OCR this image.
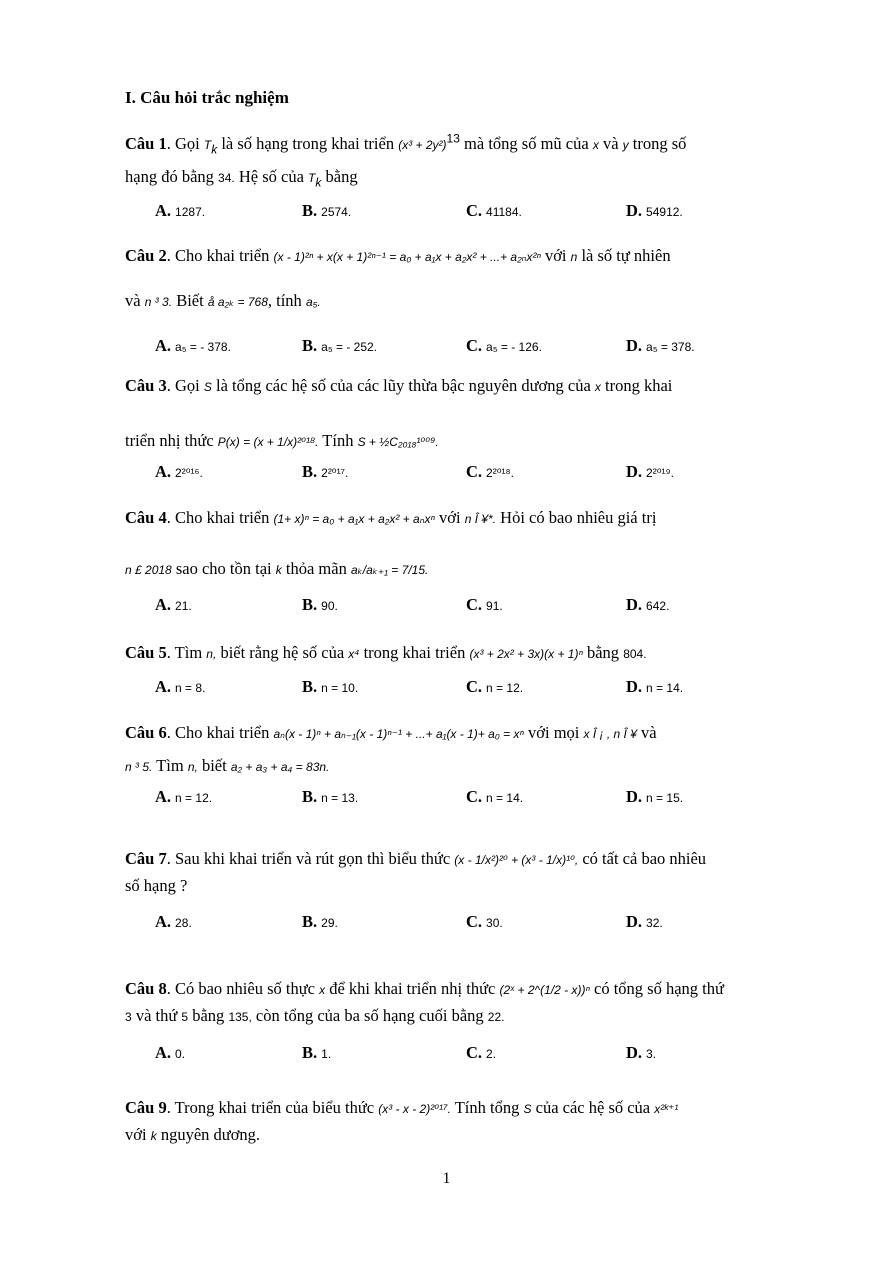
I. Câu hỏi trắc nghiệm
Câu 1. Gọi $T_k$ là số hạng trong khai triển $(x^3 + 2y^2)^{13}$ mà tổng số mũ của x và y trong số
hạng đó bằng 34. Hệ số của $T_k$ bằng
A. 1287.	B. 2574.	C. 41184.	D. 54912.
Câu 2. Cho khai triển (x - 1)²ⁿ + x(x + 1)²ⁿ⁻¹ = a₀ + a₁x + a₂x² + ...+ a₂ₙx²ⁿ với n là số tự nhiên
và n ³ 3. Biết å a₂ₖ = 768, tính a₅.
A. a₅ = - 378.	B. a₅ = - 252.	C. a₅ = - 126.	D. a₅ = 378.
Câu 3. Gọi S là tổng các hệ số của các lũy thừa bậc nguyên dương của x trong khai
triển nhị thức P(x) = (x + 1/x)²⁰¹⁸. Tính S + ½C₂₀₁₈¹⁰⁰⁹.
A. 2²⁰¹⁶.	B. 2²⁰¹⁷.	C. 2²⁰¹⁸.	D. 2²⁰¹⁹.
Câu 4. Cho khai triển (1+ x)ⁿ = a₀ + a₁x + a₂x² + aₙxⁿ với n Î ¥*. Hỏi có bao nhiêu giá trị
n £ 2018 sao cho tồn tại k thỏa mãn aₖ/aₖ₊₁ = 7/15.
A. 21.	B. 90.	C. 91.	D. 642.
Câu 5. Tìm n, biết rằng hệ số của x⁴ trong khai triển (x³ + 2x² + 3x)(x + 1)ⁿ bằng 804.
A. n = 8.	B. n = 10.	C. n = 12.	D. n = 14.
Câu 6. Cho khai triển aₙ(x - 1)ⁿ + aₙ₋₁(x - 1)ⁿ⁻¹ + ...+ a₁(x - 1)+ a₀ = xⁿ với mọi x Î ¡ , n Î ¥ và
n ³ 5. Tìm n, biết a₂ + a₃ + a₄ = 83n.
A. n = 12.	B. n = 13.	C. n = 14.	D. n = 15.
Câu 7. Sau khi khai triển và rút gọn thì biểu thức (x - 1/x²)²⁰ + (x³ - 1/x)¹⁰, có tất cả bao nhiêu
số hạng ?
A. 28.	B. 29.	C. 30.	D. 32.
Câu 8. Có bao nhiêu số thực x để khi khai triển nhị thức (2ˣ + 2^(1/2 - x))ⁿ có tổng số hạng thứ
3 và thứ 5 bằng 135, còn tổng của ba số hạng cuối bằng 22.
A. 0.	B. 1.	C. 2.	D. 3.
Câu 9. Trong khai triển của biểu thức (x³ - x - 2)²⁰¹⁷. Tính tổng S của các hệ số của x²ᵏ⁺¹
với k nguyên dương.
1
